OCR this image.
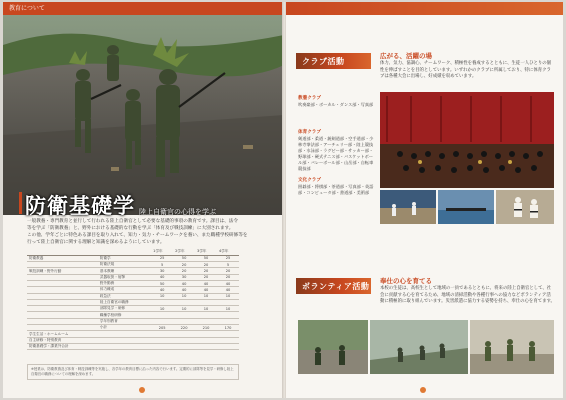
教育について
防衛基礎学 陸上自衛官の心得を学ぶ

一般教養・専門教育と並行して行われる陸上自衛官として必要な基礎的事項の教育です。課目は、法令

等を学ぶ「防衛教養」と、野外における基礎的な行動を学ぶ「体育及び戦技訓練」に大別されます。

この他、学年ごとに特色ある課目を取り入れて、知力・気力・チームワークを養い、また職種学校研修等を

行って陸上自衛官に関する理解と知識を深めるようにしています。

		1学年	2学年	3学年	4学年
防衛教養	防衛学	25	50	50	25
	防衛法規	5	20	20	5
戦技訓練・野外行動	基本教練	30	20	20	20
	武器取扱・射撃	40	30	20	20
	野外勤務	50	40	40	40
	体力練成	40	40	40	40
	救急法	10	10	10	10
	陸上自衛官の職務				
	部隊見学・研修	10	10	10	10
	職種学校研修				
	学年別教育				
	小計	205	220	210	170
学生生活・ホームルーム					
自主研修・特別教育					
防衛基礎学・課業外合計					
※授業は、防衛教養及び体育・戦技訓練等を実施し、各学年の教育目標に沿った内容で行います。定期的に部隊等を見学・研修し陸上自衛官の職務についての理解を深めます。
クラブ活動
広がる、活躍の場
体力、気力、協調心、チームワーク、積極性を養成するとともに、生徒一人ひとりの個性を伸ばすことを目的としています。いずれかのクラブに所属しており、特に体育クラブは各種大会に出場し、好成績を収めています。
教養クラブ
吹奏楽部・ボーカル・ダンス部・写真部
体育クラブ
剣道部・柔道・銃剣道部・空手道部・少林寺拳法部・アーチェリー部・陸上競技部・水泳部・ラグビー部・サッカー部・野球部・硬式テニス部・バスケットボール部・バレーボール部・山岳部・自転車競技部
文化クラブ
囲碁部・将棋部・茶道部・写真部・英語部・コンピュータ部・書道部・美術部
ボランティア活動
奉仕の心を育てる
本校の生徒は、高校生として地域の一員であるとともに、将来の陸上自衛官として、社会に貢献する心を育てるため、地域の清掃活動や各種行事への協力などボランティア活動に積極的に取り組んでいます。災害派遣に協力する姿勢を持ち、奉仕の心を育てます。
